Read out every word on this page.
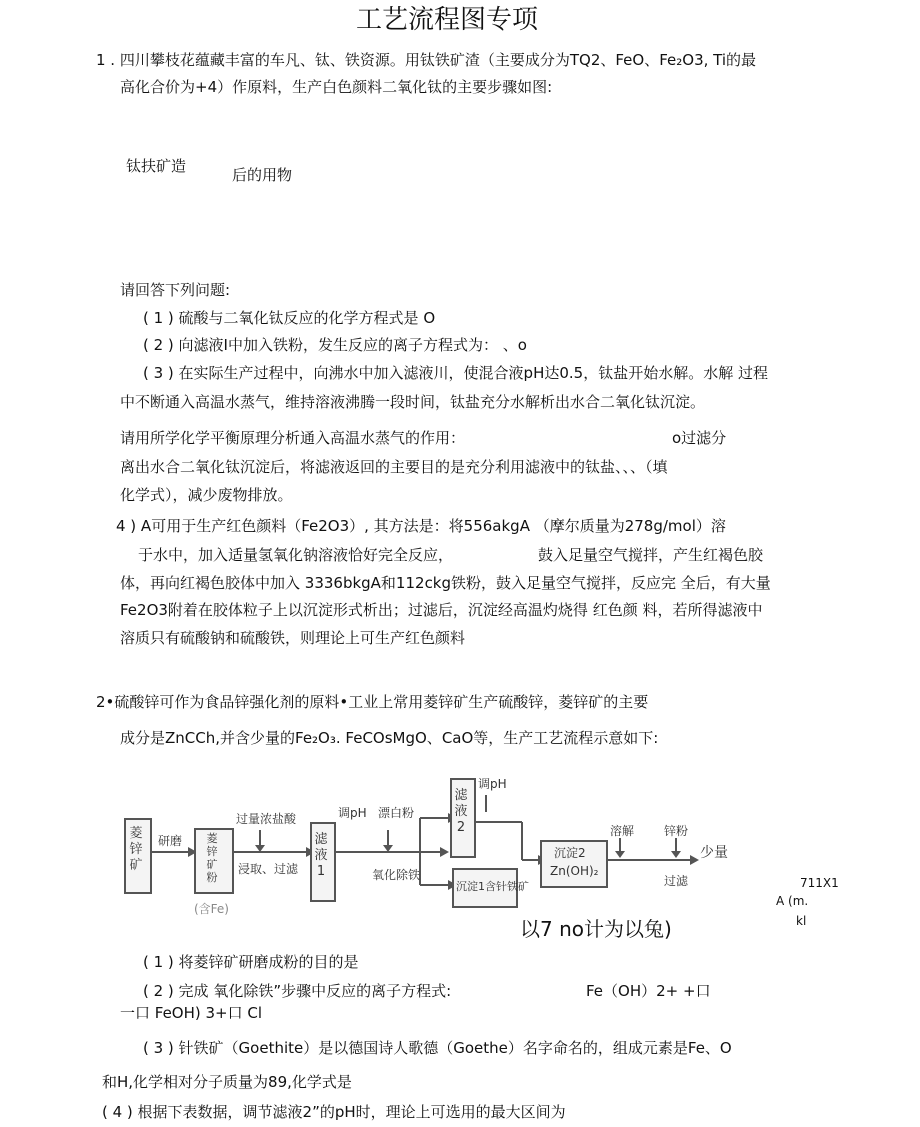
工艺流程图专项
1 . 四川攀枝花蕴藏丰富的车凡、钛、铁资源。用钛铁矿渣（主要成分为TQ2、FeO、Fe₂O3, Ti的最
高化合价为+4）作原料，生产白色颜料二氧化钛的主要步骤如图:
钛扶矿造	后的用物
请回答下列问题:
( 1 ) 硫酸与二氧化钛反应的化学方程式是 O
( 2 ) 向滤液I中加入铁粉，发生反应的离子方程式为： 、o
( 3 ) 在实际生产过程中，向沸水中加入滤液川，使混合液pH达0.5，钛盐开始水解。水解 过程
中不断通入高温水蒸气，维持溶液沸腾一段时间，钛盐充分水解析出水合二氧化钛沉淀。
请用所学化学平衡原理分析通入高温水蒸气的作用：	o过滤分
离出水合二氧化钛沉淀后，将滤液返回的主要目的是充分利用滤液中的钛盐、、、（填
化学式），减少废物排放。
4 ) A可用于生产红色颜料（Fe2O3）, 其方法是：将556akgA （摩尔质量为278g/mol）溶
于水中，加入适量氢氧化钠溶液恰好完全反应，	鼓入足量空气搅拌，产生红褐色胶
体，再向红褐色胶体中加入 3336bkgA和112ckg铁粉，鼓入足量空气搅拌，反应完 全后，有大量
Fe2O3附着在胶体粒子上以沉淀形式析出；过滤后，沉淀经高温灼烧得 红色颜 料，若所得滤液中
溶质只有硫酸钠和硫酸铁，则理论上可生产红色颜料
2•硫酸锌可作为食品锌强化剂的原料•工业上常用菱锌矿生产硫酸锌，菱锌矿的主要
成分是ZnCCh,并含少量的Fe₂O₃. FeCOsMgO、CaO等，生产工艺流程示意如下:
菱锌矿
研磨 菱锌矿粉
(含Fe)
过量浓盐酸
浸取、过滤
滤液1
调pH 漂白粉
氧化除铁
滤液2
调pH
沉淀1含针铁矿
沉淀2
Zn(OH)₂
溶解 锌粉
过滤
少量
以7 no计为以兔)
711X1
A (m.
kl
( 1 ) 将菱锌矿研磨成粉的目的是
( 2 ) 完成 氧化除铁”步骤中反应的离子方程式:	Fe（OH）2+ +口
一口 FeOH) 3+口 Cl
( 3 ) 针铁矿（Goethite）是以德国诗人歌德（Goethe）名字命名的，组成元素是Fe、O
和H,化学相对分子质量为89,化学式是
( 4 ) 根据下表数据，调节滤液2”的pH时，理论上可选用的最大区间为
